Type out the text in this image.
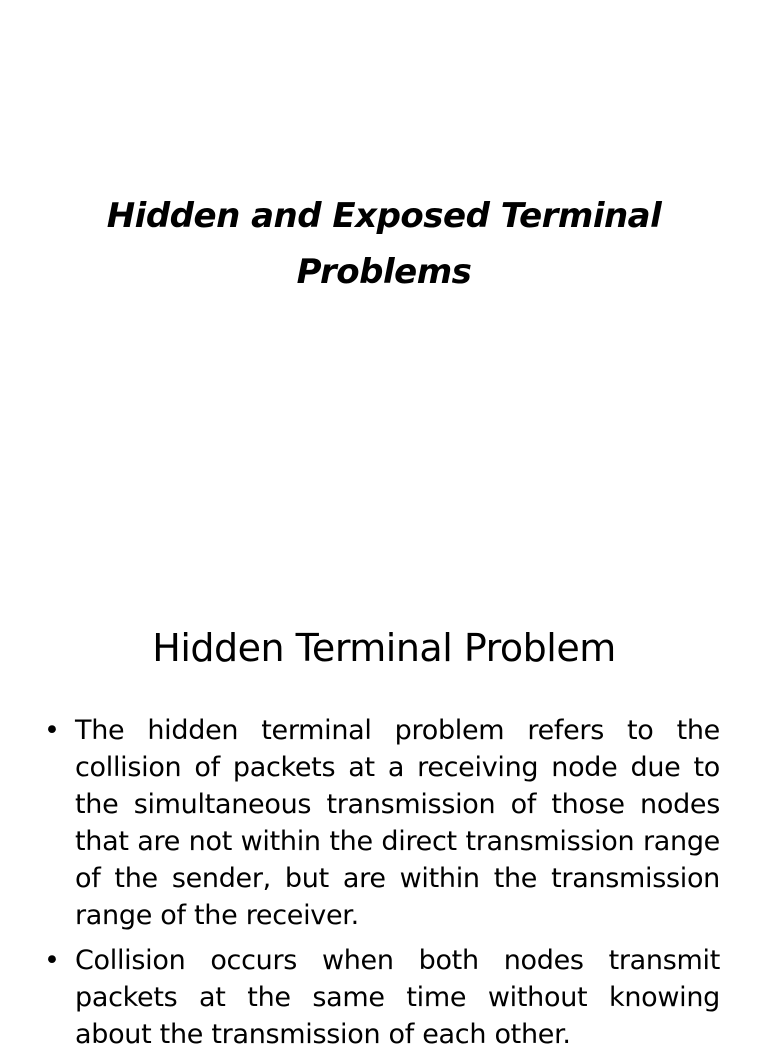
Hidden and Exposed Terminal
Problems
Hidden Terminal Problem
• The hidden terminal problem refers to the collision of packets at a receiving node due to the simultaneous transmission of those nodes that are not within the direct transmission range of the sender, but are within the transmission range of the receiver.
• Collision occurs when both nodes transmit packets at the same time without knowing about the transmission of each other.
